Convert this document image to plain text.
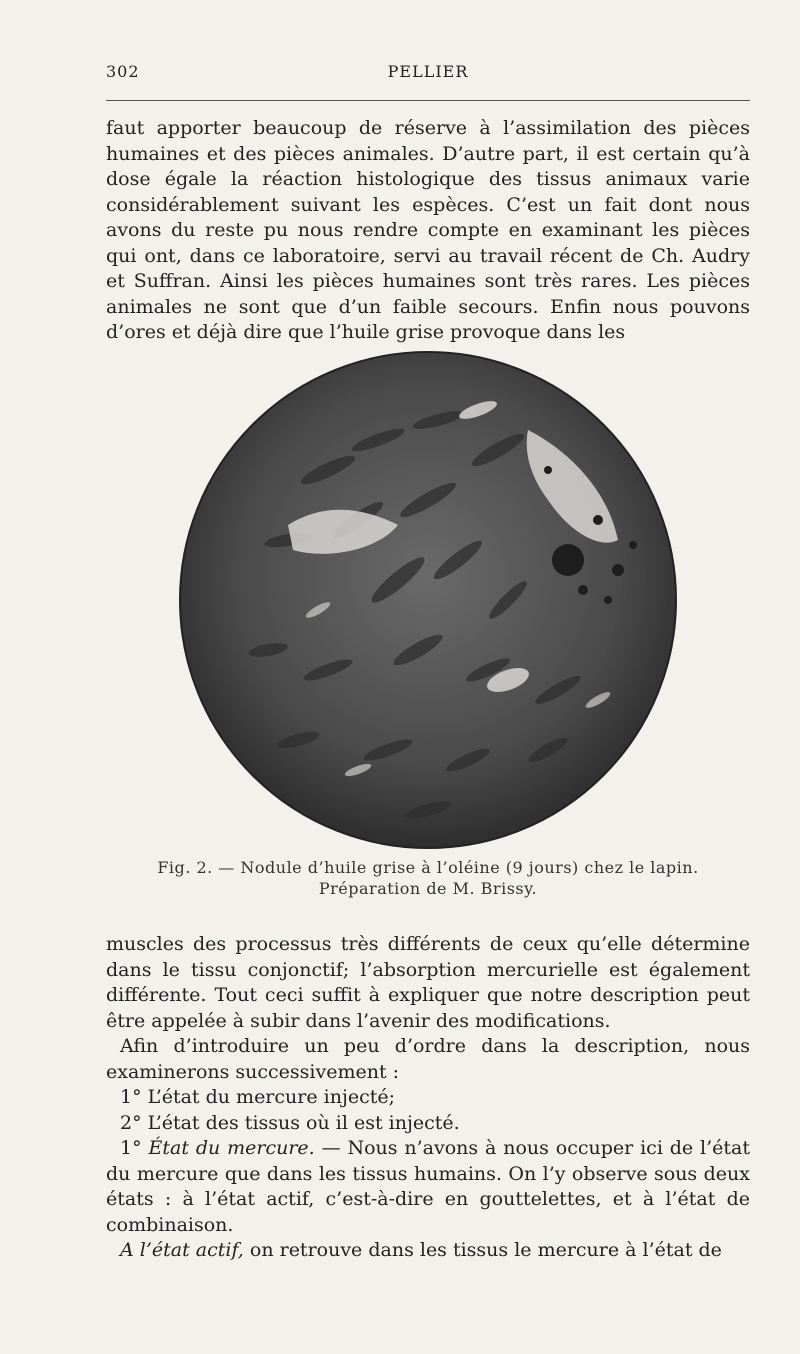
302	PELLIER

faut apporter beaucoup de réserve à l’assimilation des pièces humaines et des pièces animales. D’autre part, il est certain qu’à dose égale la réaction histologique des tissus animaux varie considérablement suivant les espèces. C’est un fait dont nous avons du reste pu nous rendre compte en examinant les pièces qui ont, dans ce laboratoire, servi au travail récent de Ch. Audry et Suffran. Ainsi les pièces humaines sont très rares. Les pièces animales ne sont que d’un faible secours. Enfin nous pouvons d’ores et déjà dire que l’huile grise provoque dans les

Fig. 2. — Nodule d’huile grise à l’oléine (9 jours) chez le lapin.
Préparation de M. Brissy.

muscles des processus très différents de ceux qu’elle détermine dans le tissu conjonctif; l’absorption mercurielle est également différente. Tout ceci suffit à expliquer que notre description peut être appelée à subir dans l’avenir des modifications.

Afin d’introduire un peu d’ordre dans la description, nous examinerons successivement :

1° L’état du mercure injecté;

2° L’état des tissus où il est injecté.

1° État du mercure. — Nous n’avons à nous occuper ici de l’état du mercure que dans les tissus humains. On l’y observe sous deux états : à l’état actif, c’est-à-dire en gouttelettes, et à l’état de combinaison.

A l’état actif, on retrouve dans les tissus le mercure à l’état de
